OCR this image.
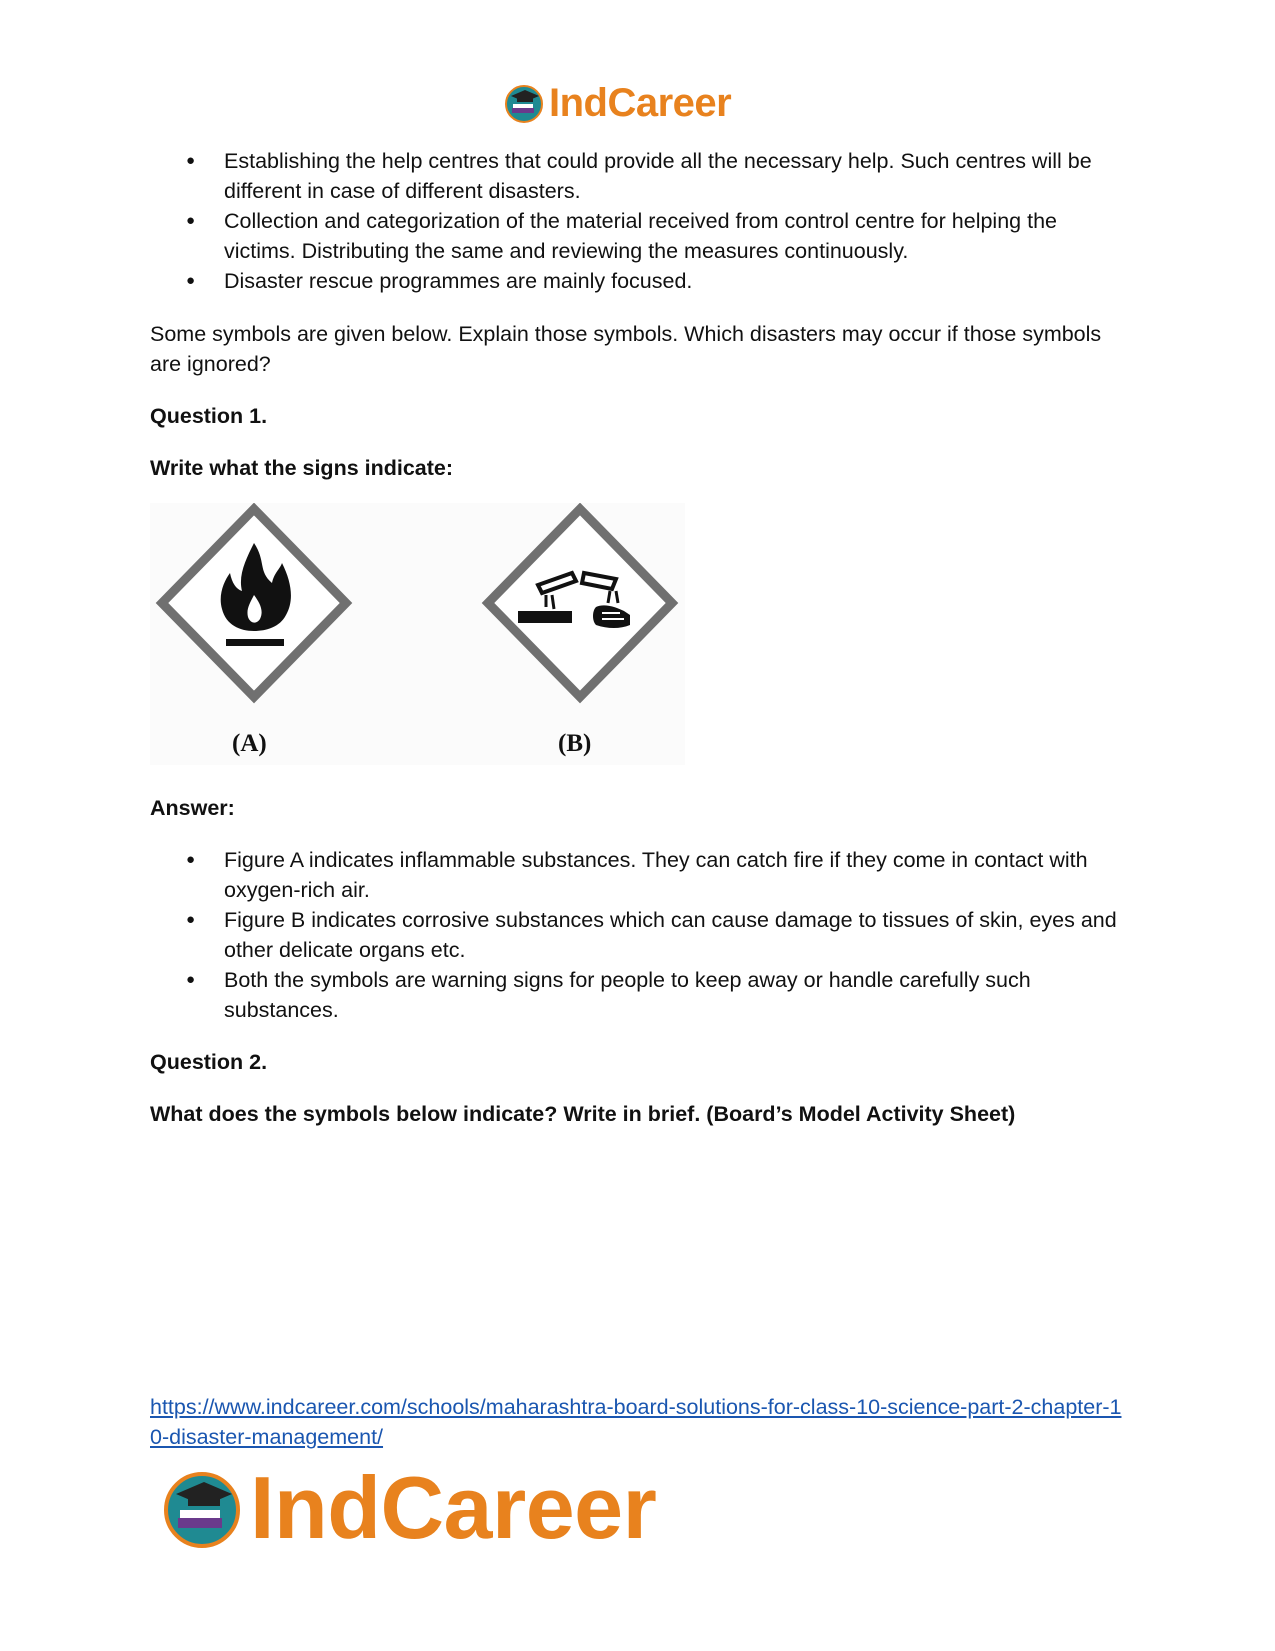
IndCareer
● Establishing the help centres that could provide all the necessary help. Such centres will be different in case of different disasters.
● Collection and categorization of the material received from control centre for helping the victims. Distributing the same and reviewing the measures continuously.
● Disaster rescue programmes are mainly focused.

Some symbols are given below. Explain those symbols. Which disasters may occur if those symbols are ignored?

Question 1.

Write what the signs indicate:

(A)	(B)

Answer:

● Figure A indicates inflammable substances. They can catch fire if they come in contact with oxygen-rich air.
● Figure B indicates corrosive substances which can cause damage to tissues of skin, eyes and other delicate organs etc.
● Both the symbols are warning signs for people to keep away or handle carefully such substances.

Question 2.

What does the symbols below indicate? Write in brief. (Board’s Model Activity Sheet)

https://www.indcareer.com/schools/maharashtra-board-solutions-for-class-10-science-part-2-chapter-10-disaster-management/
IndCareer
